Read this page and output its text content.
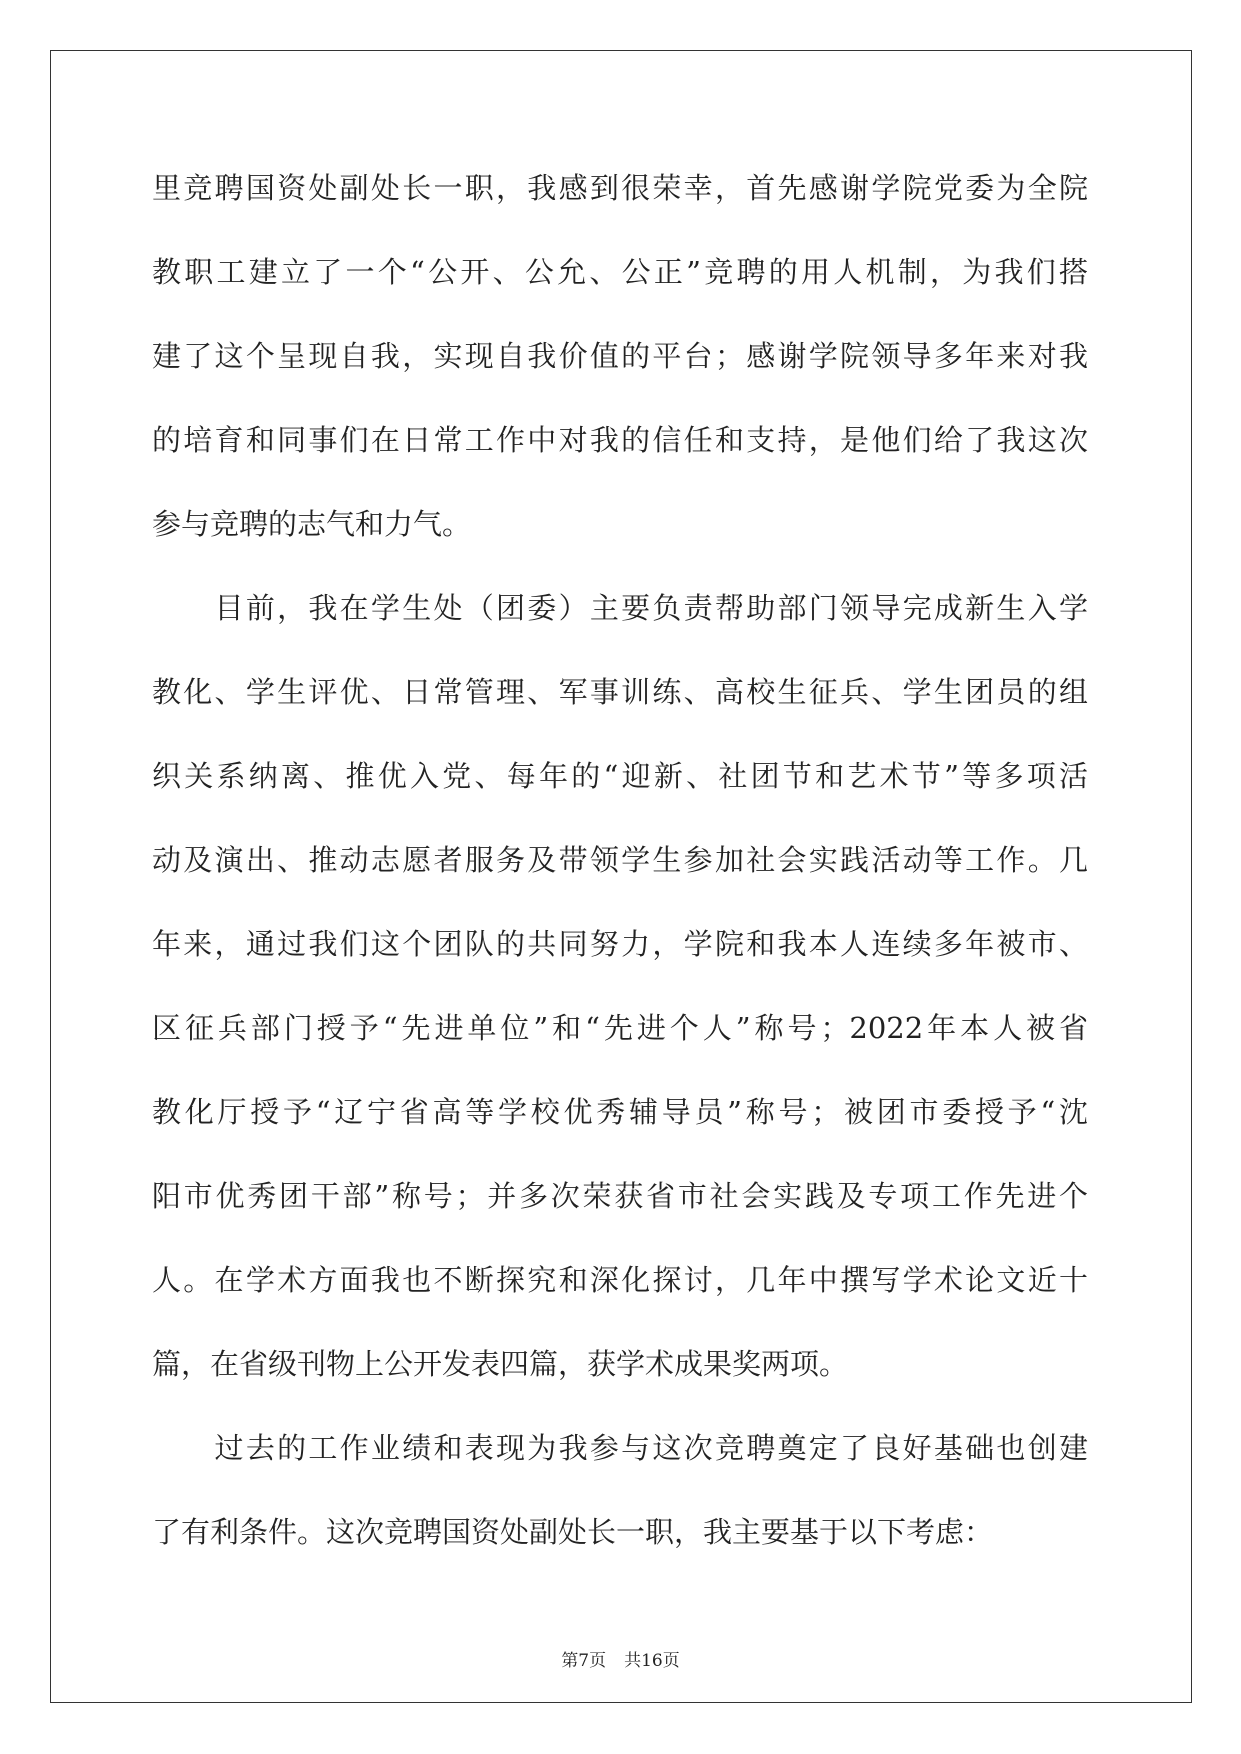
里竞聘国资处副处长一职，我感到很荣幸，首先感谢学院党委为全院
教职工建立了一个“公开、公允、公正”竞聘的用人机制，为我们搭
建了这个呈现自我，实现自我价值的平台；感谢学院领导多年来对我
的培育和同事们在日常工作中对我的信任和支持，是他们给了我这次
参与竞聘的志气和力气。
　　目前，我在学生处（团委）主要负责帮助部门领导完成新生入学
教化、学生评优、日常管理、军事训练、高校生征兵、学生团员的组
织关系纳离、推优入党、每年的“迎新、社团节和艺术节”等多项活
动及演出、推动志愿者服务及带领学生参加社会实践活动等工作。几
年来，通过我们这个团队的共同努力，学院和我本人连续多年被市、
区征兵部门授予“先进单位”和“先进个人”称号；2022年本人被省
教化厅授予“辽宁省高等学校优秀辅导员”称号；被团市委授予“沈
阳市优秀团干部”称号；并多次荣获省市社会实践及专项工作先进个
人。在学术方面我也不断探究和深化探讨，几年中撰写学术论文近十
篇，在省级刊物上公开发表四篇，获学术成果奖两项。
　　过去的工作业绩和表现为我参与这次竞聘奠定了良好基础也创建
了有利条件。这次竞聘国资处副处长一职，我主要基于以下考虑：
第7页 共16页
